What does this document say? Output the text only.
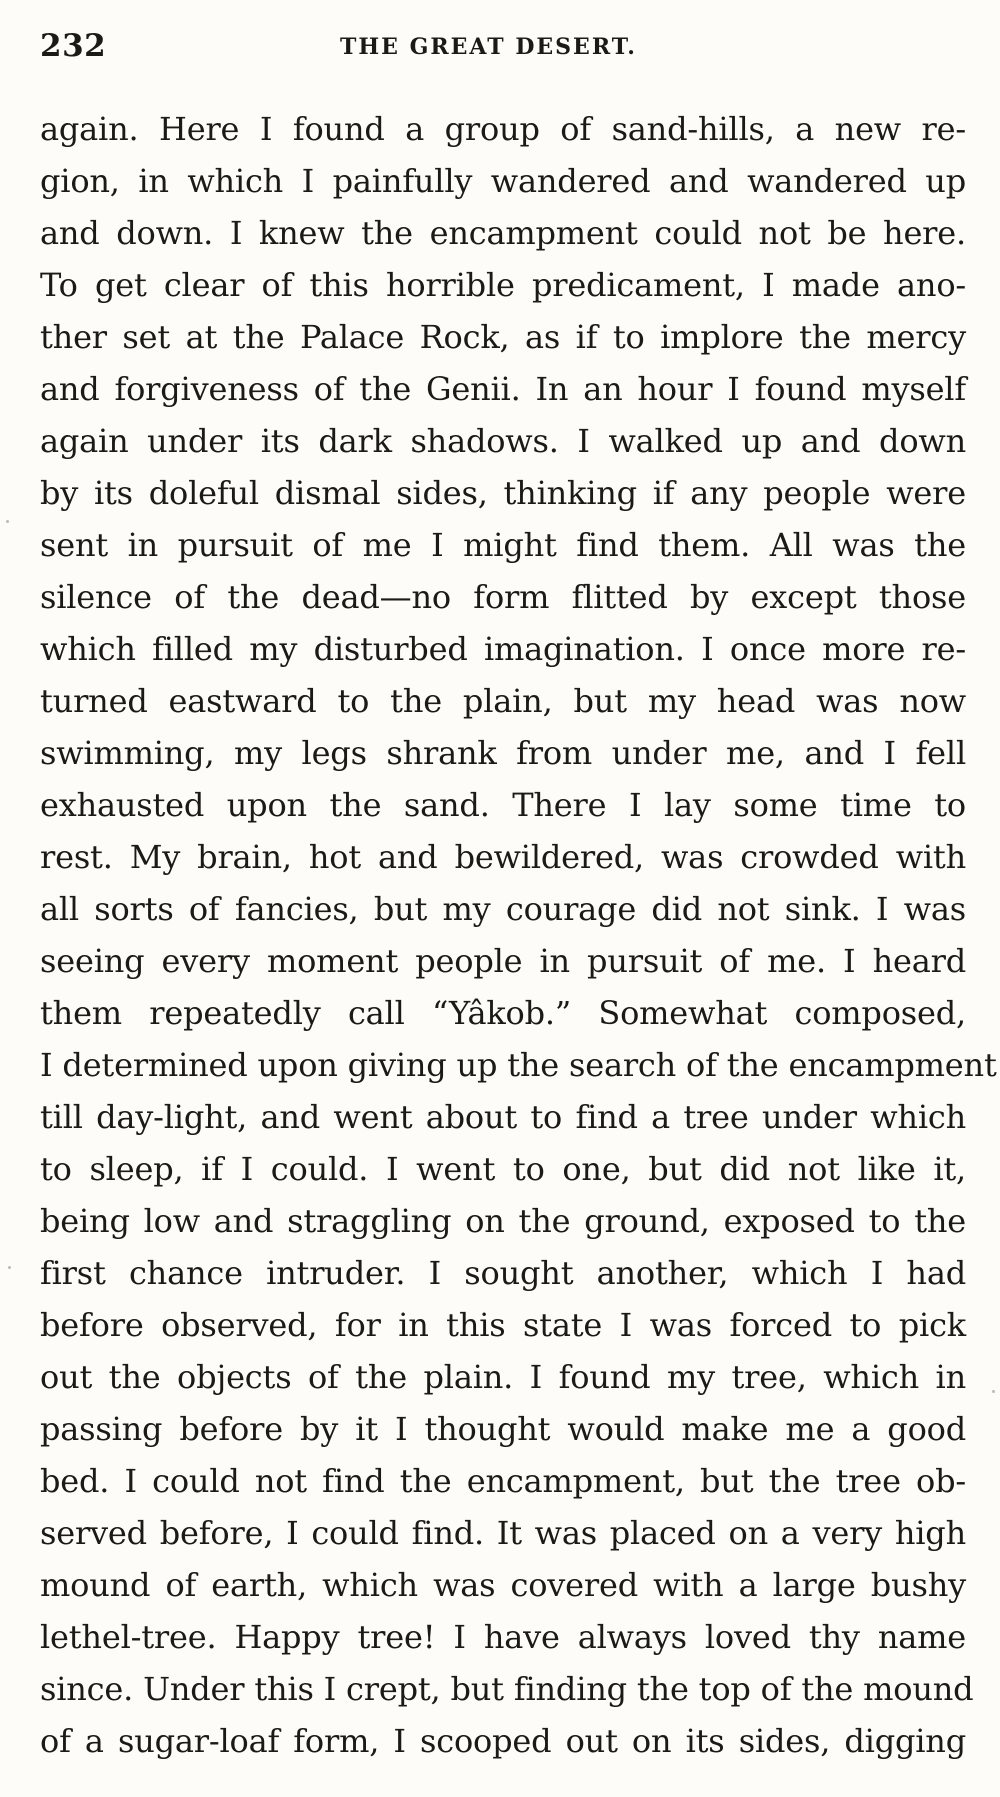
232	THE GREAT DESERT.
again. Here I found a group of sand-hills, a new re-
gion, in which I painfully wandered and wandered up
and down. I knew the encampment could not be here.
To get clear of this horrible predicament, I made ano-
ther set at the Palace Rock, as if to implore the mercy
and forgiveness of the Genii. In an hour I found myself
again under its dark shadows. I walked up and down
by its doleful dismal sides, thinking if any people were
sent in pursuit of me I might find them. All was the
silence of the dead—no form flitted by except those
which filled my disturbed imagination. I once more re-
turned eastward to the plain, but my head was now
swimming, my legs shrank from under me, and I fell
exhausted upon the sand. There I lay some time to
rest. My brain, hot and bewildered, was crowded with
all sorts of fancies, but my courage did not sink. I was
seeing every moment people in pursuit of me. I heard
them repeatedly call “Yâkob.” Somewhat composed,
I determined upon giving up the search of the encampment
till day-light, and went about to find a tree under which
to sleep, if I could. I went to one, but did not like it,
being low and straggling on the ground, exposed to the
first chance intruder. I sought another, which I had
before observed, for in this state I was forced to pick
out the objects of the plain. I found my tree, which in
passing before by it I thought would make me a good
bed. I could not find the encampment, but the tree ob-
served before, I could find. It was placed on a very high
mound of earth, which was covered with a large bushy
lethel-tree. Happy tree! I have always loved thy name
since. Under this I crept, but finding the top of the mound
of a sugar-loaf form, I scooped out on its sides, digging
